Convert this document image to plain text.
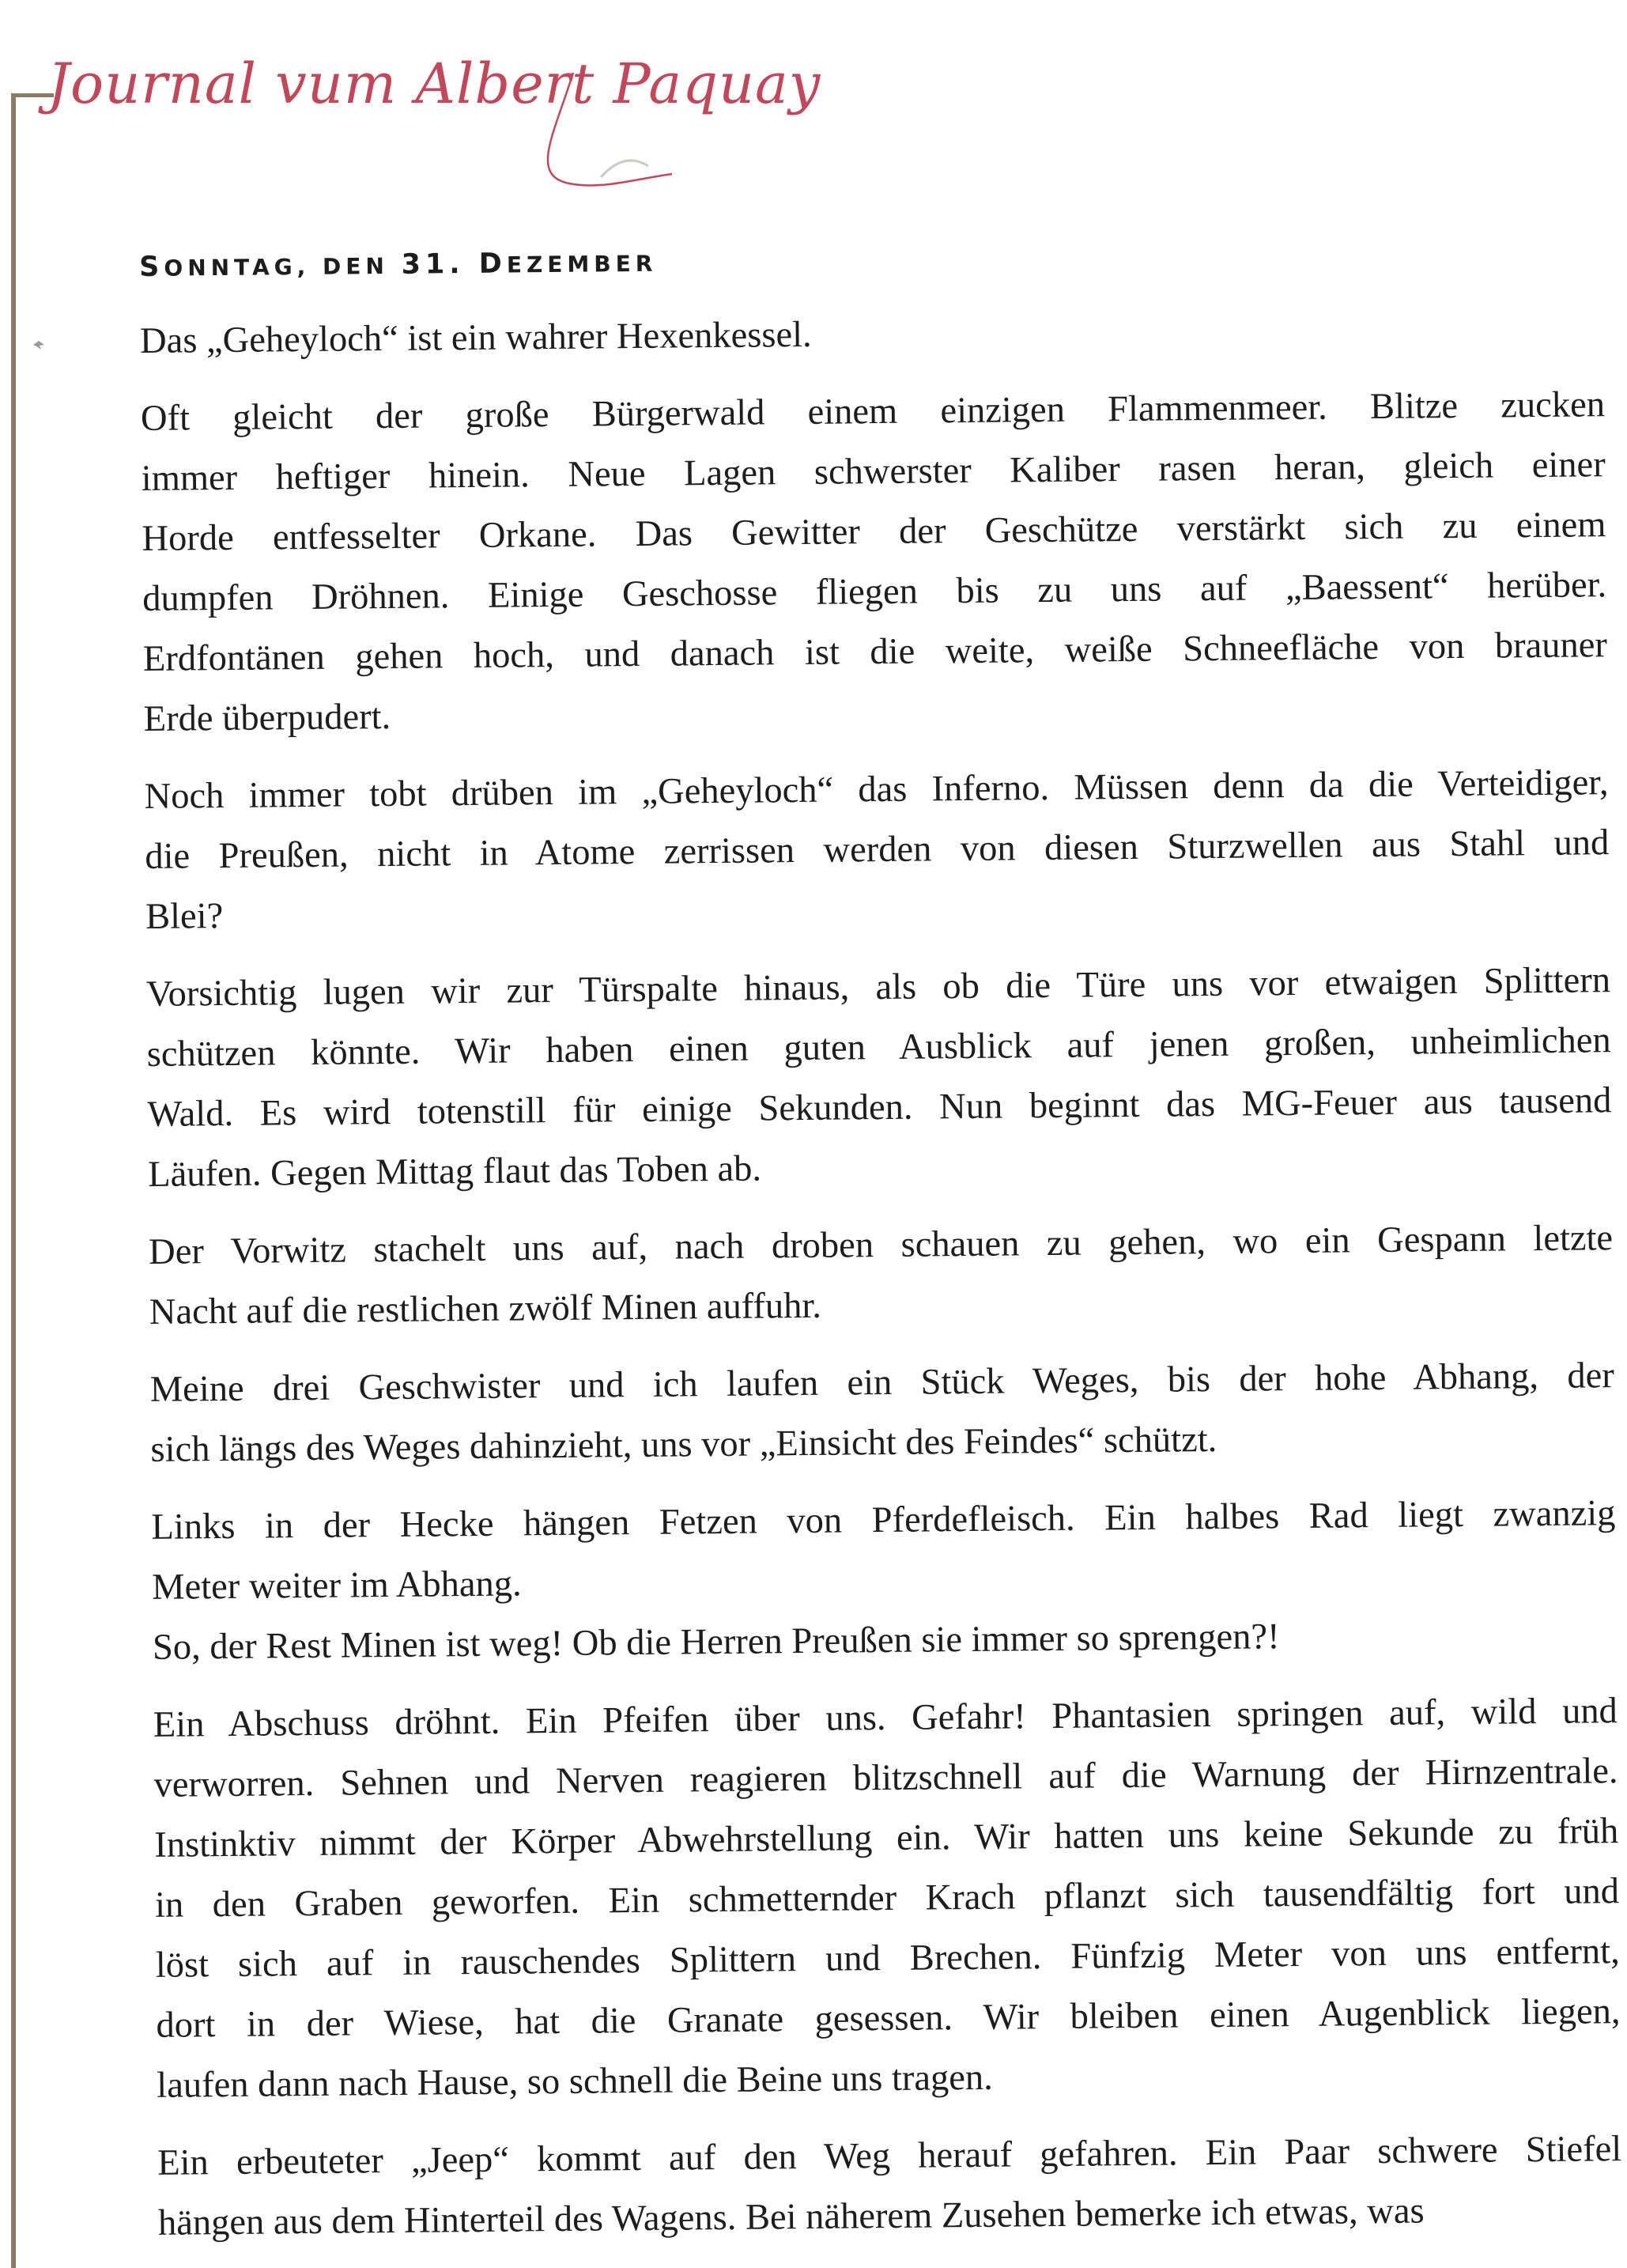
Journal vum Albert Paquay
SONNTAG, DEN 31. DEZEMBER

Das „Geheyloch“ ist ein wahrer Hexenkessel.

Oft gleicht der große Bürgerwald einem einzigen Flammenmeer. Blitze zucken
immer heftiger hinein. Neue Lagen schwerster Kaliber rasen heran, gleich einer
Horde entfesselter Orkane. Das Gewitter der Geschütze verstärkt sich zu einem
dumpfen Dröhnen. Einige Geschosse fliegen bis zu uns auf „Baessent“ herüber.
Erdfontänen gehen hoch, und danach ist die weite, weiße Schneefläche von brauner
Erde überpudert.

Noch immer tobt drüben im „Geheyloch“ das Inferno. Müssen denn da die Verteidiger,
die Preußen, nicht in Atome zerrissen werden von diesen Sturzwellen aus Stahl und
Blei?

Vorsichtig lugen wir zur Türspalte hinaus, als ob die Türe uns vor etwaigen Splittern
schützen könnte. Wir haben einen guten Ausblick auf jenen großen, unheimlichen
Wald. Es wird totenstill für einige Sekunden. Nun beginnt das MG-Feuer aus tausend
Läufen. Gegen Mittag flaut das Toben ab.

Der Vorwitz stachelt uns auf, nach droben schauen zu gehen, wo ein Gespann letzte
Nacht auf die restlichen zwölf Minen auffuhr.

Meine drei Geschwister und ich laufen ein Stück Weges, bis der hohe Abhang, der
sich längs des Weges dahinzieht, uns vor „Einsicht des Feindes“ schützt.

Links in der Hecke hängen Fetzen von Pferdefleisch. Ein halbes Rad liegt zwanzig
Meter weiter im Abhang.
So, der Rest Minen ist weg! Ob die Herren Preußen sie immer so sprengen?!

Ein Abschuss dröhnt. Ein Pfeifen über uns. Gefahr! Phantasien springen auf, wild und
verworren. Sehnen und Nerven reagieren blitzschnell auf die Warnung der Hirnzentrale.
Instinktiv nimmt der Körper Abwehrstellung ein. Wir hatten uns keine Sekunde zu früh
in den Graben geworfen. Ein schmetternder Krach pflanzt sich tausendfältig fort und
löst sich auf in rauschendes Splittern und Brechen. Fünfzig Meter von uns entfernt,
dort in der Wiese, hat die Granate gesessen. Wir bleiben einen Augenblick liegen,
laufen dann nach Hause, so schnell die Beine uns tragen.

Ein erbeuteter „Jeep“ kommt auf den Weg herauf gefahren. Ein Paar schwere Stiefel
hängen aus dem Hinterteil des Wagens. Bei näherem Zusehen bemerke ich etwas, was
